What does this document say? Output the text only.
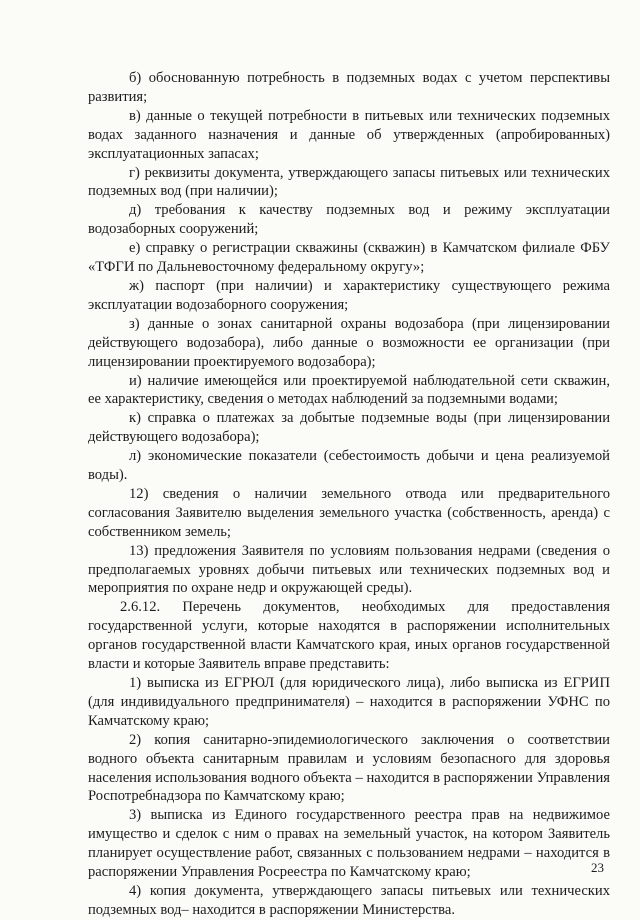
б) обоснованную потребность в подземных водах с учетом перспективы развития;
в) данные о текущей потребности в питьевых или технических подземных водах заданного назначения и данные об утвержденных (апробированных) эксплуатационных запасах;
г) реквизиты документа, утверждающего запасы питьевых или технических подземных вод (при наличии);
д) требования к качеству подземных вод и режиму эксплуатации водозаборных сооружений;
е) справку о регистрации скважины (скважин) в Камчатском филиале ФБУ «ТФГИ по Дальневосточному федеральному округу»;
ж) паспорт (при наличии) и характеристику существующего режима эксплуатации водозаборного сооружения;
з) данные о зонах санитарной охраны водозабора (при лицензировании действующего водозабора), либо данные о возможности ее организации (при лицензировании проектируемого водозабора);
и) наличие имеющейся или проектируемой наблюдательной сети скважин, ее характеристику, сведения о методах наблюдений за подземными водами;
к) справка о платежах за добытые подземные воды (при лицензировании действующего водозабора);
л) экономические показатели (себестоимость добычи и цена реализуемой воды).
12) сведения о наличии земельного отвода или предварительного согласования Заявителю выделения земельного участка (собственность, аренда) с собственником земель;
13) предложения Заявителя по условиям пользования недрами (сведения о предполагаемых уровнях добычи питьевых или технических подземных вод и мероприятия по охране недр и окружающей среды).
2.6.12. Перечень документов, необходимых для предоставления государственной услуги, которые находятся в распоряжении исполнительных органов государственной власти Камчатского края, иных органов государственной власти и которые Заявитель вправе представить:
1) выписка из ЕГРЮЛ (для юридического лица), либо выписка из ЕГРИП (для индивидуального предпринимателя) – находится в распоряжении УФНС по Камчатскому краю;
2) копия санитарно-эпидемиологического заключения о соответствии водного объекта санитарным правилам и условиям безопасного для здоровья населения использования водного объекта – находится в распоряжении Управления Роспотребнадзора по Камчатскому краю;
3) выписка из Единого государственного реестра прав на недвижимое имущество и сделок с ним о правах на земельный участок, на котором Заявитель планирует осуществление работ, связанных с пользованием недрами – находится в распоряжении Управления Росреестра по Камчатскому краю;
4) копия документа, утверждающего запасы питьевых или технических подземных вод– находится в распоряжении Министерства.
23
